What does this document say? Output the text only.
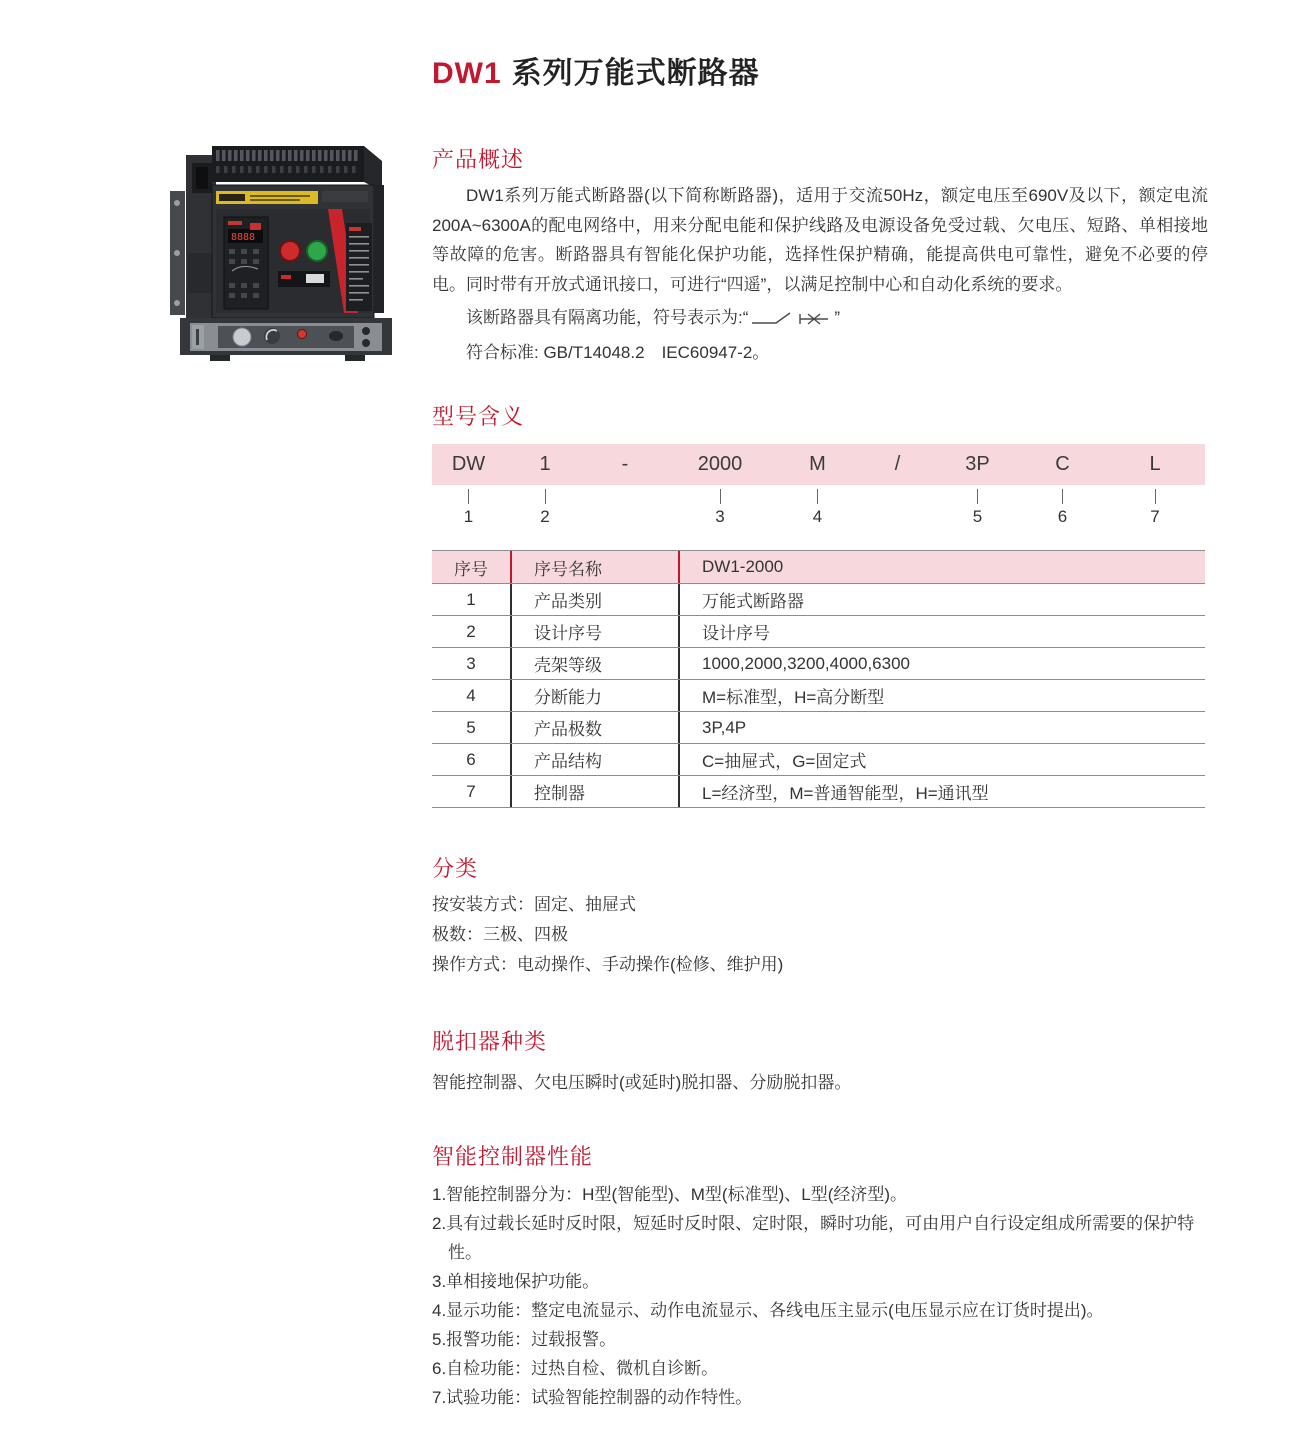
8888
DW1 系列万能式断路器
产品概述

DW1系列万能式断路器(以下简称断路器)，适用于交流50Hz，额定电压至690V及以下，额定电流200A~6300A的配电网络中，用来分配电能和保护线路及电源设备免受过载、欠电压、短路、单相接地等故障的危害。断路器具有智能化保护功能，选择性保护精确，能提高供电可靠性，避免不必要的停电。同时带有开放式通讯接口，可进行“四遥”，以满足控制中心和自动化系统的要求。

该断路器具有隔离功能，符号表示为:“	”
符合标准: GB/T14048.2　IEC60947-2。
型号含义
DW	1	-	2000	M	/	3P	C	L
1	2	3	4	5	6	7
序号	序号名称	DW1-2000
1	产品类别	万能式断路器
2	设计序号	设计序号
3	壳架等级	1000,2000,3200,4000,6300
4	分断能力	M=标准型，H=高分断型
5	产品极数	3P,4P
6	产品结构	C=抽屉式，G=固定式
7	控制器	L=经济型，M=普通智能型，H=通讯型
分类
按安装方式：固定、抽屉式
极数：三极、四极
操作方式：电动操作、手动操作(检修、维护用)
脱扣器种类
智能控制器、欠电压瞬时(或延时)脱扣器、分励脱扣器。
智能控制器性能
1.智能控制器分为：H型(智能型)、M型(标准型)、L型(经济型)。
2.具有过载长延时反时限，短延时反时限、定时限，瞬时功能，可由用户自行设定组成所需要的保护特性。
3.单相接地保护功能。
4.显示功能：整定电流显示、动作电流显示、各线电压主显示(电压显示应在订货时提出)。
5.报警功能：过载报警。
6.自检功能：过热自检、微机自诊断。
7.试验功能：试验智能控制器的动作特性。
